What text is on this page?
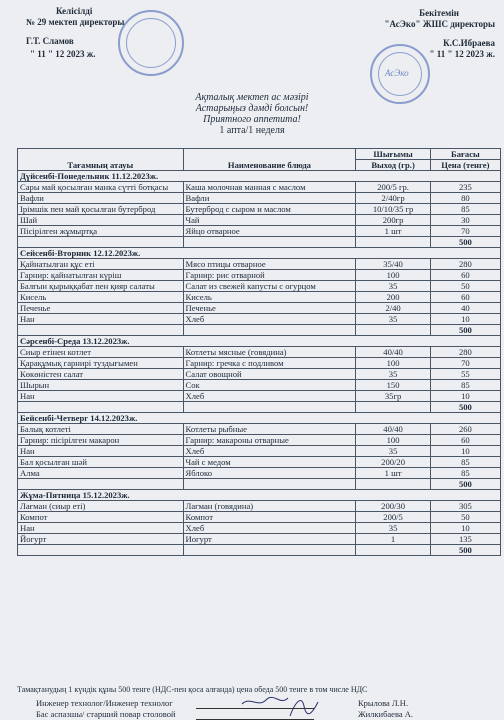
Келісілді
№ 29 мектеп директоры
Г.Т. Сламов
" 11 " 12 2023 ж.
Бекітемін
"АсЭко" ЖШС директоры
К.С.Ибраева
" 11 " 12 2023 ж.
АсЭко
Ақталық мектеп ас мәзірі
Астарыңыз дәмді болсын!
Приятного аппетита!
1 апта/1 неделя
Тағамның атауы	Наименование блюда	Шығымы	Бағасы
		Выход (гр.)	Цена (тенге)
Дүйсенбі-Понедельник 11.12.2023ж.			
Сары май қосылған манка сүтті ботқасы	Каша молочная манная с маслом	200/5 гр.	235
Вафли	Вафли	2/40гр	80
Ірімшік пен май қосылған бутерброд	Бутерброд с сыром и маслом	10/10/35 гр	85
Шай	Чай	200гр	30
Пісірілген жұмыртқа	Яйцо отварное	1 шт	70
			500
Сейсенбі-Вторник 12.12.2023ж.			
Қайнатылған құс еті	Мясо птицы отварное	35/40	280
Гарнир: қайнатылған күріш	Гарнир: рис отварной	100	60
Балғын қырыққабат пен қияр салаты	Салат из свежей капусты с огурцом	35	50
Кисель	Кисель	200	60
Печенье	Печенье	2/40	40
Нан	Хлеб	35	10
			500
Сәрсенбі-Среда 13.12.2023ж.			
Сиыр етінен котлет	Котлеты мясные (говядина)	40/40	280
Қарақұмық гарнирі туздығымен	Гарнир: гречка с подливом	100	70
Көкөністен салат	Салат овощной	35	55
Шырын	Сок	150	85
Нан	Хлеб	35гр	10
			500
Бейсенбі-Четверг 14.12.2023ж.			
Балық котлеті	Котлеты рыбные	40/40	260
Гарнир: пісірілген макарон	Гарнир: макароны отварные	100	60
Нан	Хлеб	35	10
Бал қосылған шәй	Чай с медом	200/20	85
Алма	Яблоко	1 шт	85
			500
Жұма-Пятница 15.12.2023ж.			
Лағман (сиыр еті)	Лагман (говядина)	200/30	305
Компот	Компот	200/5	50
Нан	Хлеб	35	10
Йогурт	Иогурт	1	135
			500
Тамақтанудың 1 күндік құны 500 тенге (НДС-пен қоса алғанда) цена обеда 500 тенге в том числе НДС
Инженер технолог/Инженер технолог	Крылова Л.Н.
Бас аспазшы/ старший повар столовой	Жилкибаева А.
